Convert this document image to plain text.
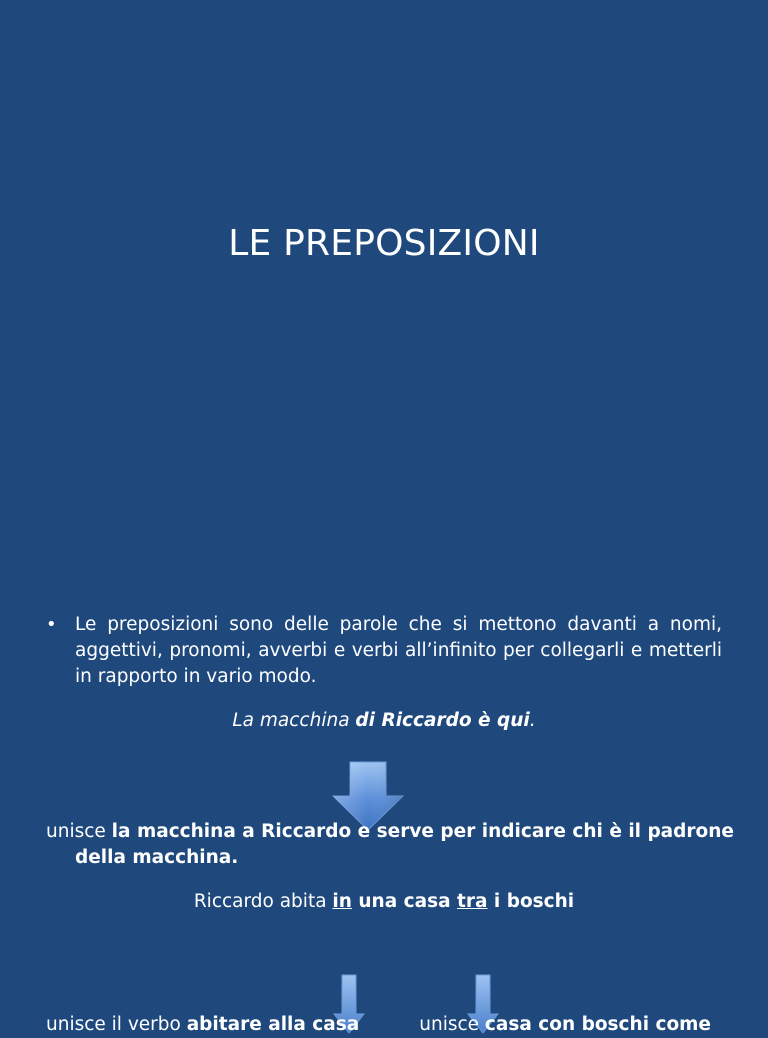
LE PREPOSIZIONI
• Le preposizioni sono delle parole che si mettono davanti a nomi, aggettivi, pronomi, avverbi e verbi all’infinito per collegarli e metterli in rapporto in vario modo.
La macchina di Riccardo è qui.
unisce la macchina a Riccardo e serve per indicare chi è il padrone della macchina.
Riccardo abita in una casa tra i boschi
unisce il verbo abitare alla casa	unisce casa con boschi come
